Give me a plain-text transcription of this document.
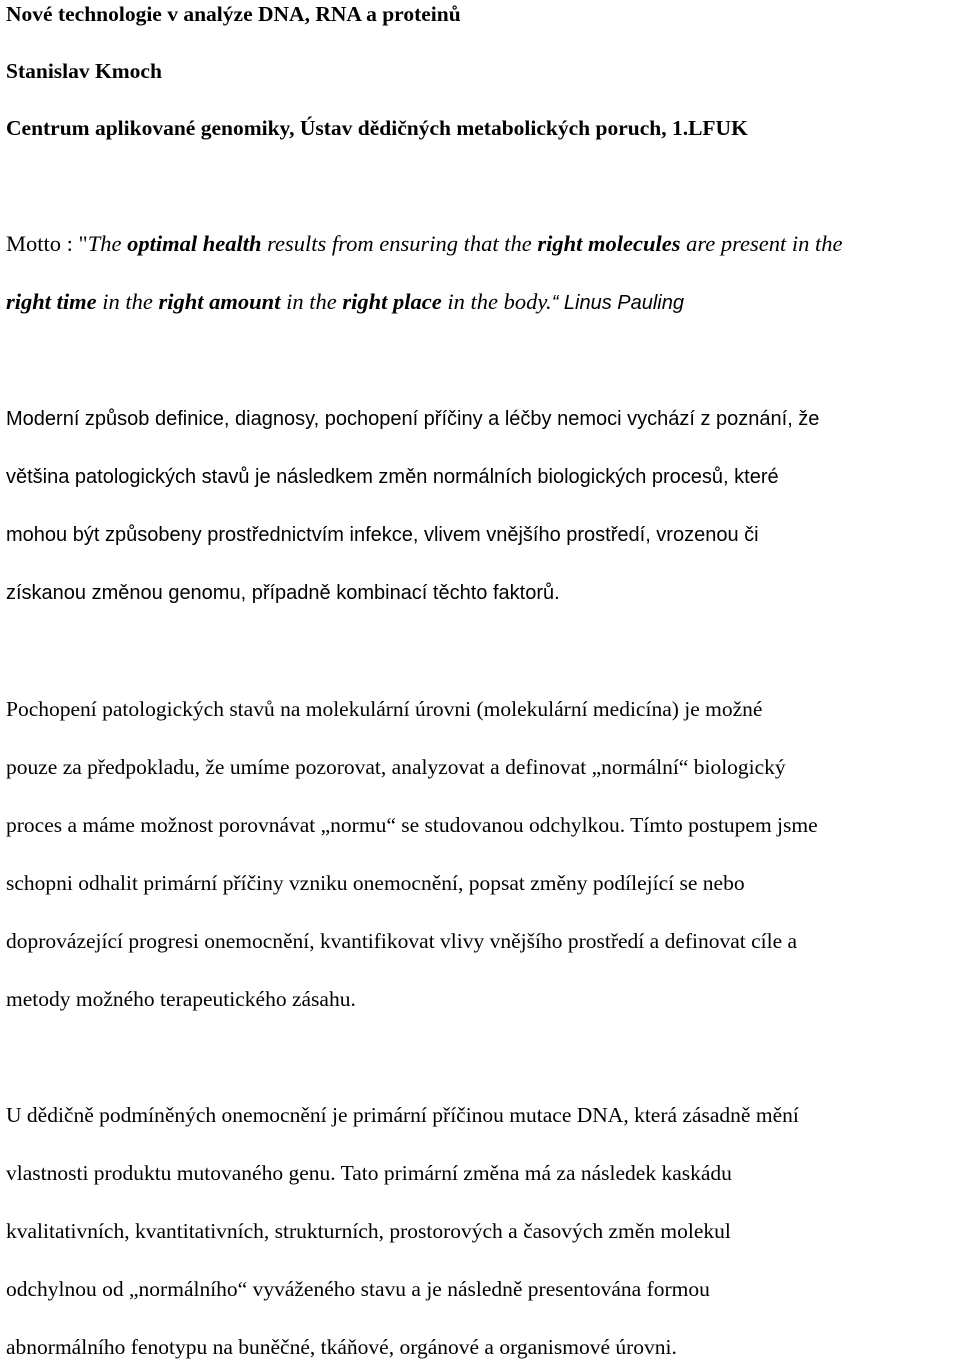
Nové technologie v analýze DNA, RNA a proteinů
Stanislav Kmoch
Centrum aplikované genomiky, Ústav dědičných metabolických poruch, 1.LFUK
Motto : "The optimal health results from ensuring that the right molecules are present in the
right time in the right amount in the right place in the body.“ Linus Pauling
Moderní způsob definice, diagnosy, pochopení příčiny a léčby nemoci vychází z poznání, že
většina patologických stavů je následkem změn normálních biologických procesů, které
mohou být způsobeny prostřednictvím infekce, vlivem vnějšího prostředí, vrozenou či
získanou změnou genomu, případně kombinací těchto faktorů.
Pochopení patologických stavů na molekulární úrovni (molekulární medicína) je možné
pouze za předpokladu, že umíme pozorovat, analyzovat a definovat „normální“ biologický
proces a máme možnost porovnávat „normu“ se studovanou odchylkou. Tímto postupem jsme
schopni odhalit primární příčiny vzniku onemocnění, popsat změny podílející se nebo
doprovázející progresi onemocnění, kvantifikovat vlivy vnějšího prostředí a definovat cíle a
metody možného terapeutického zásahu.
U dědičně podmíněných onemocnění je primární příčinou mutace DNA, která zásadně mění
vlastnosti produktu mutovaného genu. Tato primární změna má za následek kaskádu
kvalitativních, kvantitativních, strukturních, prostorových a časových změn molekul
odchylnou od „normálního“ vyváženého stavu a je následně presentována formou
abnormálního fenotypu na buněčné, tkáňové, orgánové a organismové úrovni.
